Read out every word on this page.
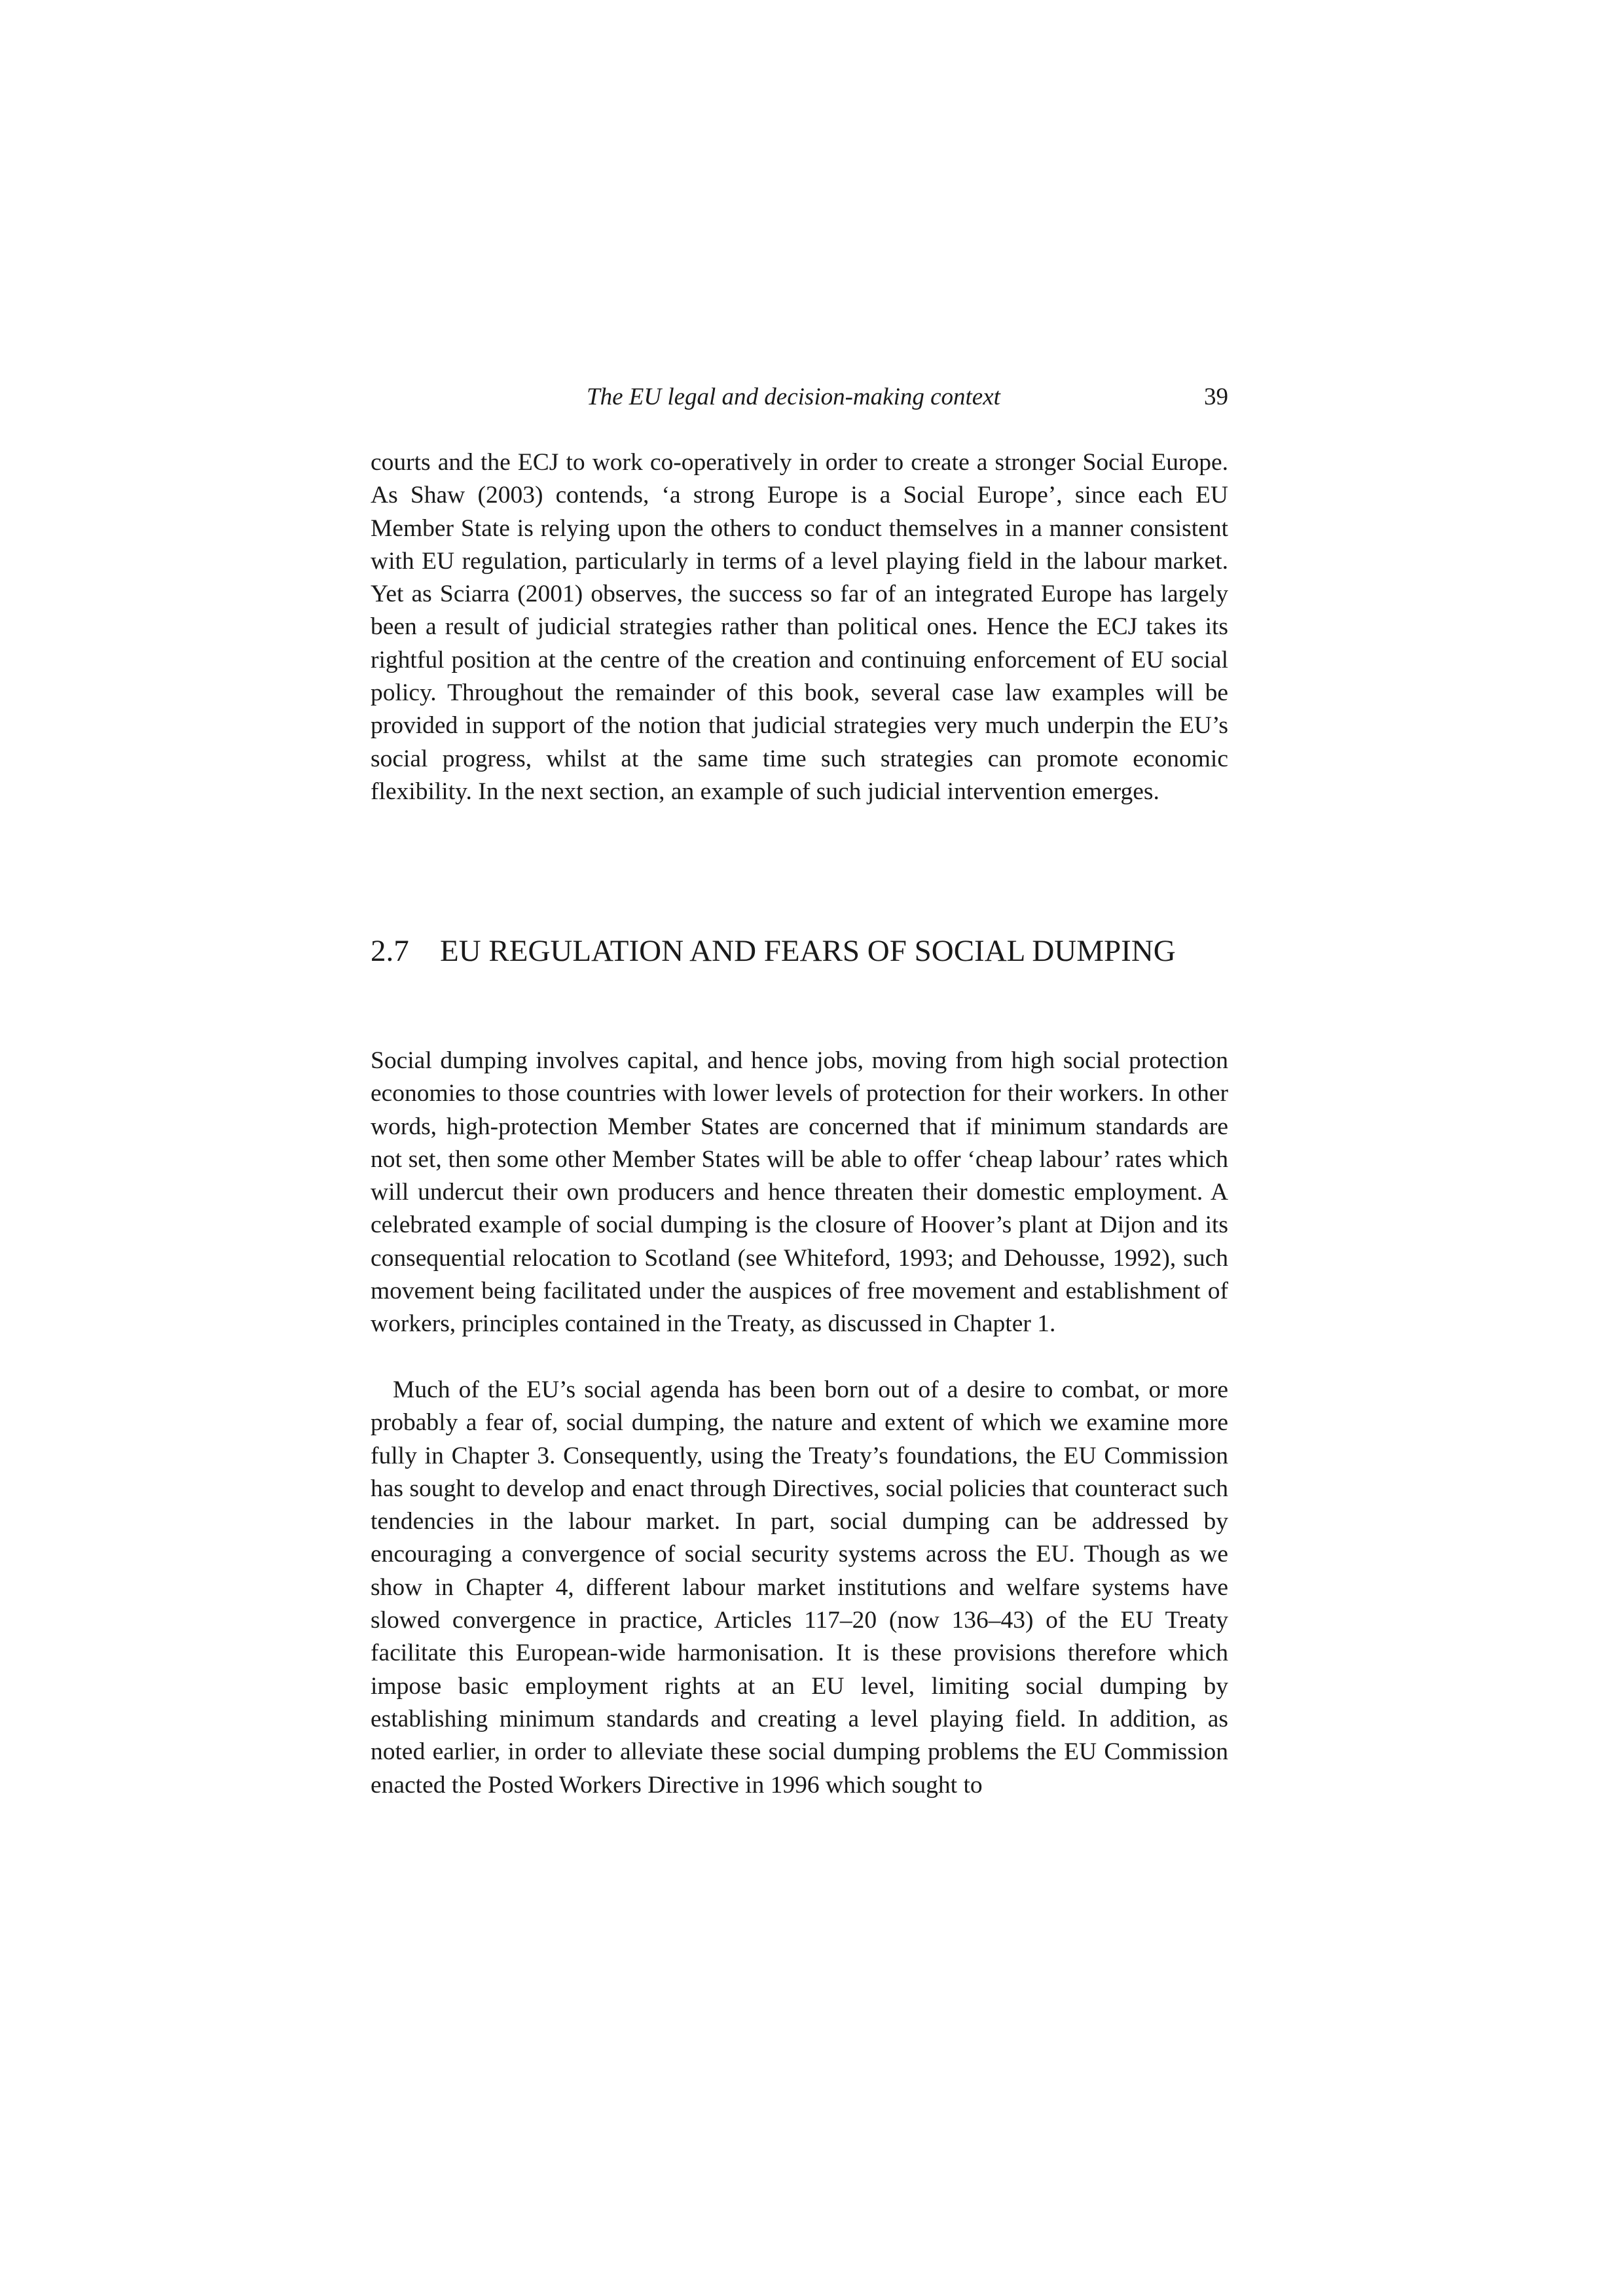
The EU legal and decision-making context	39

courts and the ECJ to work co-operatively in order to create a stronger Social Europe. As Shaw (2003) contends, ‘a strong Europe is a Social Europe’, since each EU Member State is relying upon the others to conduct themselves in a manner consistent with EU regulation, particularly in terms of a level playing field in the labour market. Yet as Sciarra (2001) observes, the success so far of an integrated Europe has largely been a result of judicial strategies rather than political ones. Hence the ECJ takes its rightful position at the centre of the creation and continuing enforcement of EU social policy. Throughout the remainder of this book, several case law examples will be provided in support of the notion that judicial strategies very much underpin the EU’s social progress, whilst at the same time such strategies can promote economic flexibility. In the next section, an example of such judicial intervention emerges.

2.7 EU REGULATION AND FEARS OF SOCIAL DUMPING

Social dumping involves capital, and hence jobs, moving from high social protection economies to those countries with lower levels of protection for their workers. In other words, high-protection Member States are concerned that if minimum standards are not set, then some other Member States will be able to offer ‘cheap labour’ rates which will undercut their own producers and hence threaten their domestic employment. A celebrated example of social dumping is the closure of Hoover’s plant at Dijon and its consequential relocation to Scotland (see Whiteford, 1993; and Dehousse, 1992), such movement being facilitated under the auspices of free movement and establishment of workers, principles contained in the Treaty, as discussed in Chapter 1.

Much of the EU’s social agenda has been born out of a desire to combat, or more probably a fear of, social dumping, the nature and extent of which we examine more fully in Chapter 3. Consequently, using the Treaty’s foundations, the EU Commission has sought to develop and enact through Directives, social policies that counteract such tendencies in the labour market. In part, social dumping can be addressed by encouraging a convergence of social security systems across the EU. Though as we show in Chapter 4, different labour market institutions and welfare systems have slowed convergence in practice, Articles 117–20 (now 136–43) of the EU Treaty facilitate this European-wide harmonisation. It is these provisions therefore which impose basic employment rights at an EU level, limiting social dumping by establishing minimum standards and creating a level playing field. In addition, as noted earlier, in order to alleviate these social dumping problems the EU Commission enacted the Posted Workers Directive in 1996 which sought to
